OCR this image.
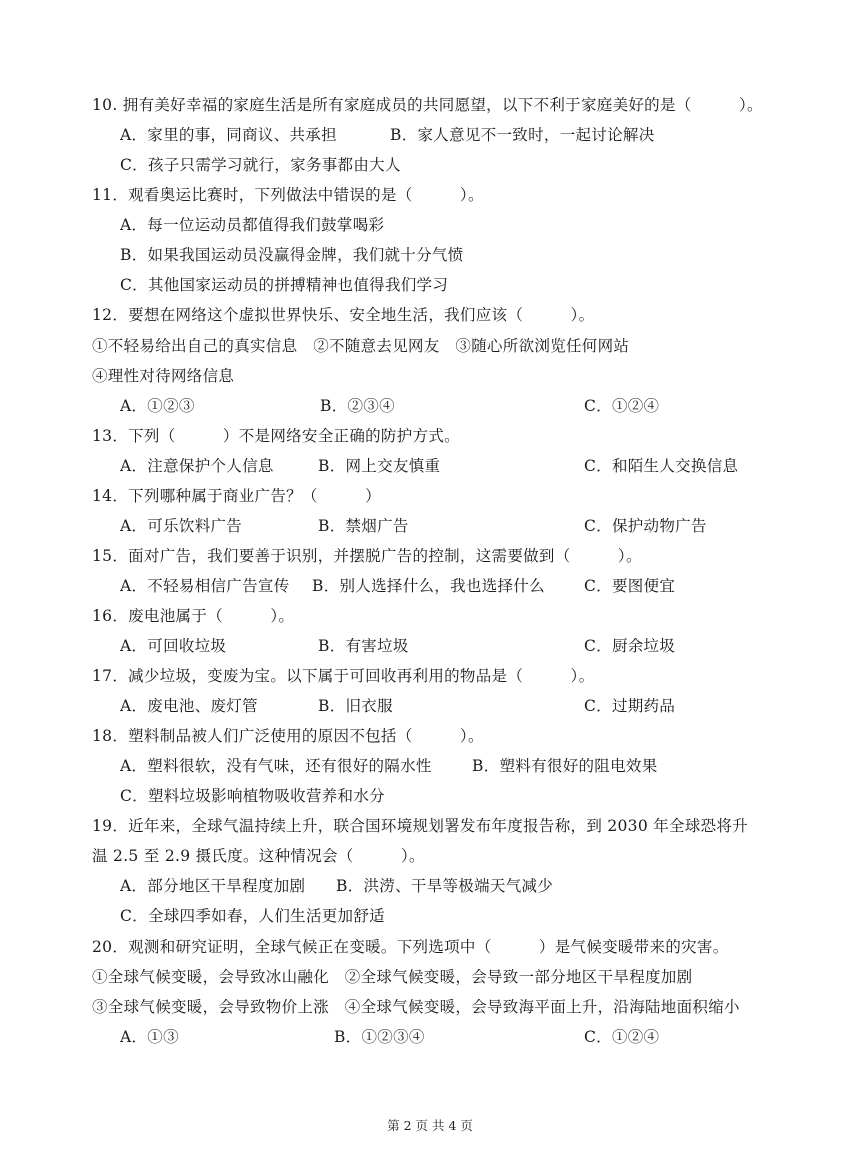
10. 拥有美好幸福的家庭生活是所有家庭成员的共同愿望，以下不利于家庭美好的是（　　　）。
A．家里的事，同商议、共承担	B．家人意见不一致时，一起讨论解决
C．孩子只需学习就行，家务事都由大人
11．观看奥运比赛时，下列做法中错误的是（　　　）。
A．每一位运动员都值得我们鼓掌喝彩
B．如果我国运动员没赢得金牌，我们就十分气愤
C．其他国家运动员的拼搏精神也值得我们学习
12．要想在网络这个虚拟世界快乐、安全地生活，我们应该（　　　）。
①不轻易给出自己的真实信息　②不随意去见网友　③随心所欲浏览任何网站
④理性对待网络信息
A．①②③	B．②③④	C．①②④
13．下列（　　　）不是网络安全正确的防护方式。
A．注意保护个人信息	B．网上交友慎重	C．和陌生人交换信息
14．下列哪种属于商业广告？（　　　）
A．可乐饮料广告	B．禁烟广告	C．保护动物广告
15．面对广告，我们要善于识别，并摆脱广告的控制，这需要做到（　　　）。
A．不轻易相信广告宣传 B．别人选择什么，我也选择什么	C．要图便宜
16．废电池属于（　　　）。
A．可回收垃圾	B．有害垃圾	C．厨余垃圾
17．减少垃圾，变废为宝。以下属于可回收再利用的物品是（　　　）。
A．废电池、废灯管	B．旧衣服	C．过期药品
18．塑料制品被人们广泛使用的原因不包括（　　　）。
A．塑料很软，没有气味，还有很好的隔水性	B．塑料有很好的阻电效果
C．塑料垃圾影响植物吸收营养和水分
19．近年来，全球气温持续上升，联合国环境规划署发布年度报告称，到 2030 年全球恐将升
温 2.5 至 2.9 摄氏度。这种情况会（　　　）。
A．部分地区干旱程度加剧 B．洪涝、干旱等极端天气减少
C．全球四季如春，人们生活更加舒适
20．观测和研究证明，全球气候正在变暖。下列选项中（　　　）是气候变暖带来的灾害。
①全球气候变暖，会导致冰山融化　②全球气候变暖，会导致一部分地区干旱程度加剧
③全球气候变暖，会导致物价上涨　④全球气候变暖，会导致海平面上升，沿海陆地面积缩小
A．①③	B．①②③④	C．①②④
第 2 页 共 4 页
